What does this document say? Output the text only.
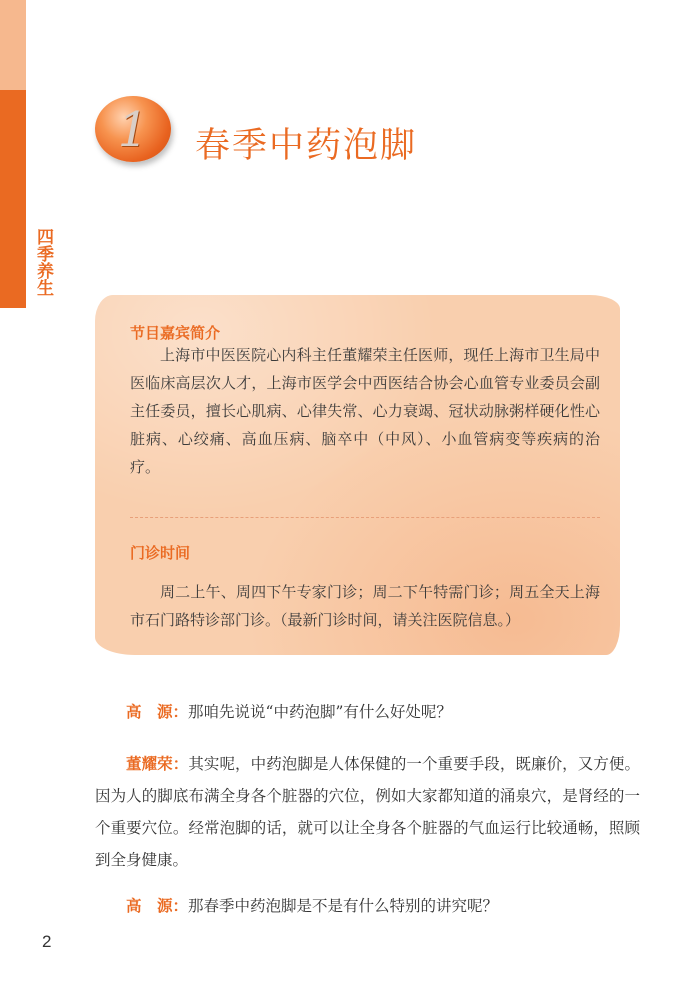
四季养生
1	春季中药泡脚
节目嘉宾简介
上海市中医医院心内科主任董耀荣主任医师，现任上海市卫生局中医临床高层次人才，上海市医学会中西医结合协会心血管专业委员会副主任委员，擅长心肌病、心律失常、心力衰竭、冠状动脉粥样硬化性心脏病、心绞痛、高血压病、脑卒中（中风）、小血管病变等疾病的治疗。
门诊时间
周二上午、周四下午专家门诊；周二下午特需门诊；周五全天上海市石门路特诊部门诊。（最新门诊时间，请关注医院信息。）
高　源：那咱先说说“中药泡脚”有什么好处呢？
董耀荣：其实呢，中药泡脚是人体保健的一个重要手段，既廉价，又方便。因为人的脚底布满全身各个脏器的穴位，例如大家都知道的涌泉穴，是肾经的一个重要穴位。经常泡脚的话，就可以让全身各个脏器的气血运行比较通畅，照顾到全身健康。
高　源：那春季中药泡脚是不是有什么特别的讲究呢？
2
